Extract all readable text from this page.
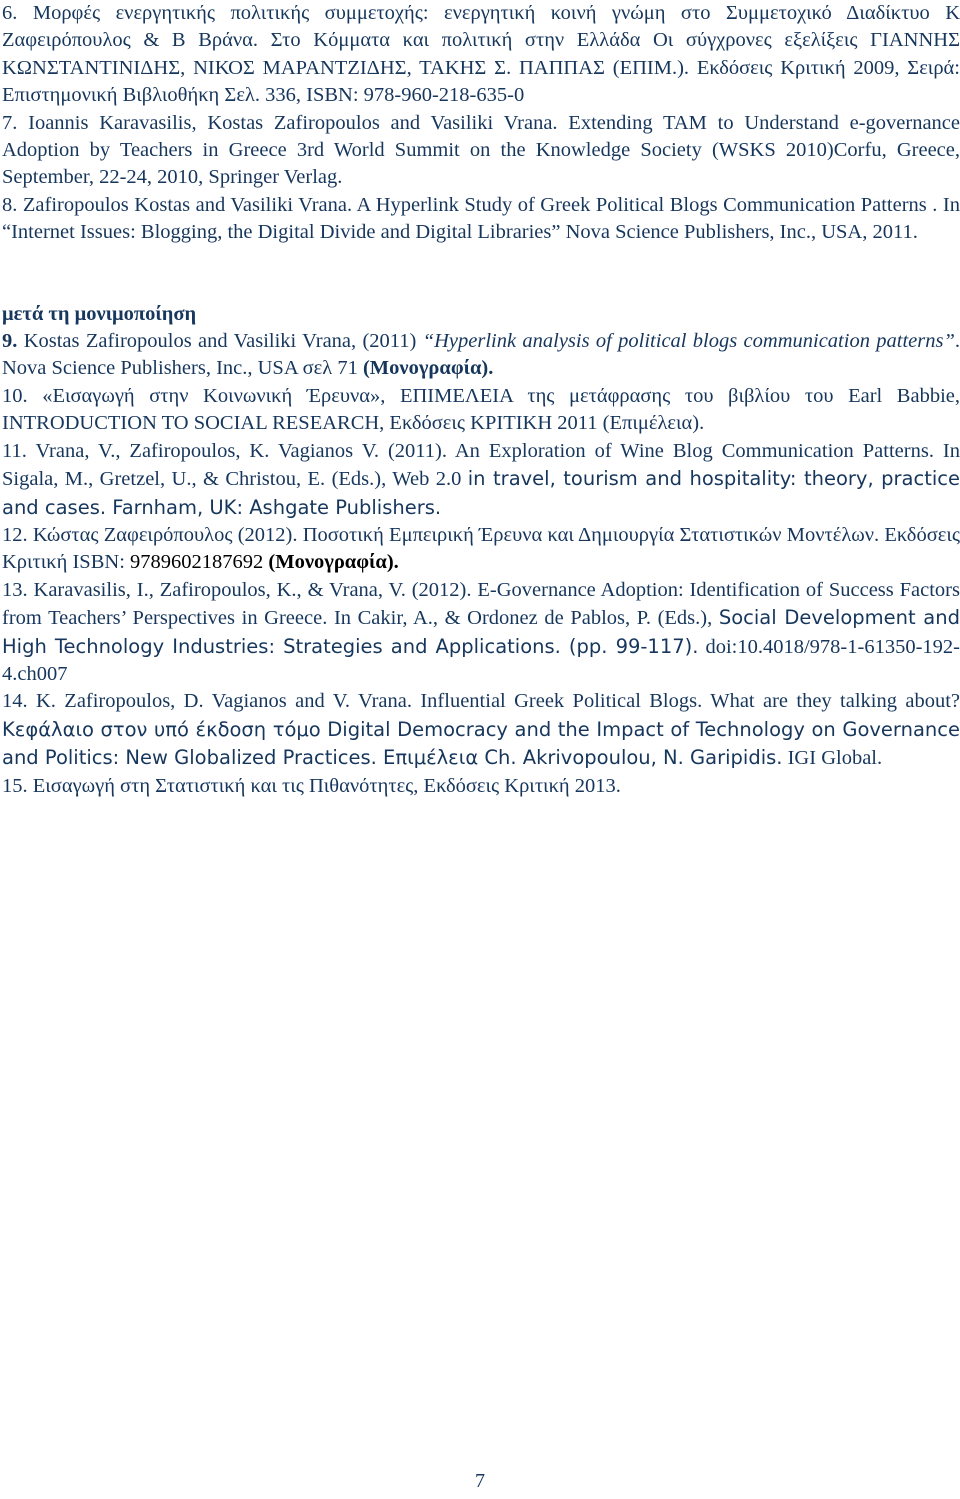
6. Μορφές ενεργητικής πολιτικής συμμετοχής: ενεργητική κοινή γνώμη στο Συμμετοχικό Διαδίκτυο Κ Ζαφειρόπουλος & Β Βράνα. Στο Κόμματα και πολιτική στην Ελλάδα Οι σύγχρονες εξελίξεις ΓΙΑΝΝΗΣ ΚΩΝΣΤΑΝΤΙΝΙΔΗΣ, ΝΙΚΟΣ ΜΑΡΑΝΤΖΙΔΗΣ, ΤΑΚΗΣ Σ. ΠΑΠΠΑΣ (ΕΠΙΜ.). Εκδόσεις Κριτική 2009, Σειρά: Επιστημονική Βιβλιοθήκη Σελ. 336, ISBN: 978-960-218-635-0

7. Ioannis Karavasilis, Kostas Zafiropoulos and Vasiliki Vrana. Extending TAM to Understand e-governance Adoption by Teachers in Greece 3rd World Summit on the Knowledge Society (WSKS 2010)Corfu, Greece, September, 22-24, 2010, Springer Verlag.

8. Zafiropoulos Kostas and Vasiliki Vrana. A Hyperlink Study of Greek Political Blogs Communication Patterns . In “Internet Issues: Blogging, the Digital Divide and Digital Libraries” Nova Science Publishers, Inc., USA, 2011.

μετά τη μονιμοποίηση

9. Kostas Zafiropoulos and Vasiliki Vrana, (2011) “Hyperlink analysis of political blogs communication patterns”. Nova Science Publishers, Inc., USA σελ 71 (Μονογραφία).

10. «Εισαγωγή στην Κοινωνική Έρευνα», ΕΠΙΜΕΛΕΙΑ της μετάφρασης του βιβλίου του Earl Babbie, INTRODUCTION TO SOCIAL RESEARCH, Εκδόσεις ΚΡΙΤΙΚΗ 2011 (Επιμέλεια).

11. Vrana, V., Zafiropoulos, K. Vagianos V. (2011). An Exploration of Wine Blog Communication Patterns. In Sigala, M., Gretzel, U., & Christou, E. (Eds.), Web 2.0 in travel, tourism and hospitality: theory, practice and cases. Farnham, UK: Ashgate Publishers.

12. Κώστας Ζαφειρόπουλος (2012). Ποσοτική Εμπειρική Έρευνα και Δημιουργία Στατιστικών Μοντέλων. Εκδόσεις Κριτική ISBN: 9789602187692 (Μονογραφία).

13. Karavasilis, I., Zafiropoulos, K., & Vrana, V. (2012). E-Governance Adoption: Identification of Success Factors from Teachers’ Perspectives in Greece. In Cakir, A., & Ordonez de Pablos, P. (Eds.), Social Development and High Technology Industries: Strategies and Applications. (pp. 99-117). doi:10.4018/978-1-61350-192-4.ch007

14. K. Zafiropoulos, D. Vagianos and V. Vrana. Influential Greek Political Blogs. What are they talking about? Κεφάλαιο στον υπό έκδοση τόμο Digital Democracy and the Impact of Technology on Governance and Politics: New Globalized Practices. Επιμέλεια Ch. Akrivopoulou, N. Garipidis. IGI Global.

15. Εισαγωγή στη Στατιστική και τις Πιθανότητες, Εκδόσεις Κριτική 2013.

7
